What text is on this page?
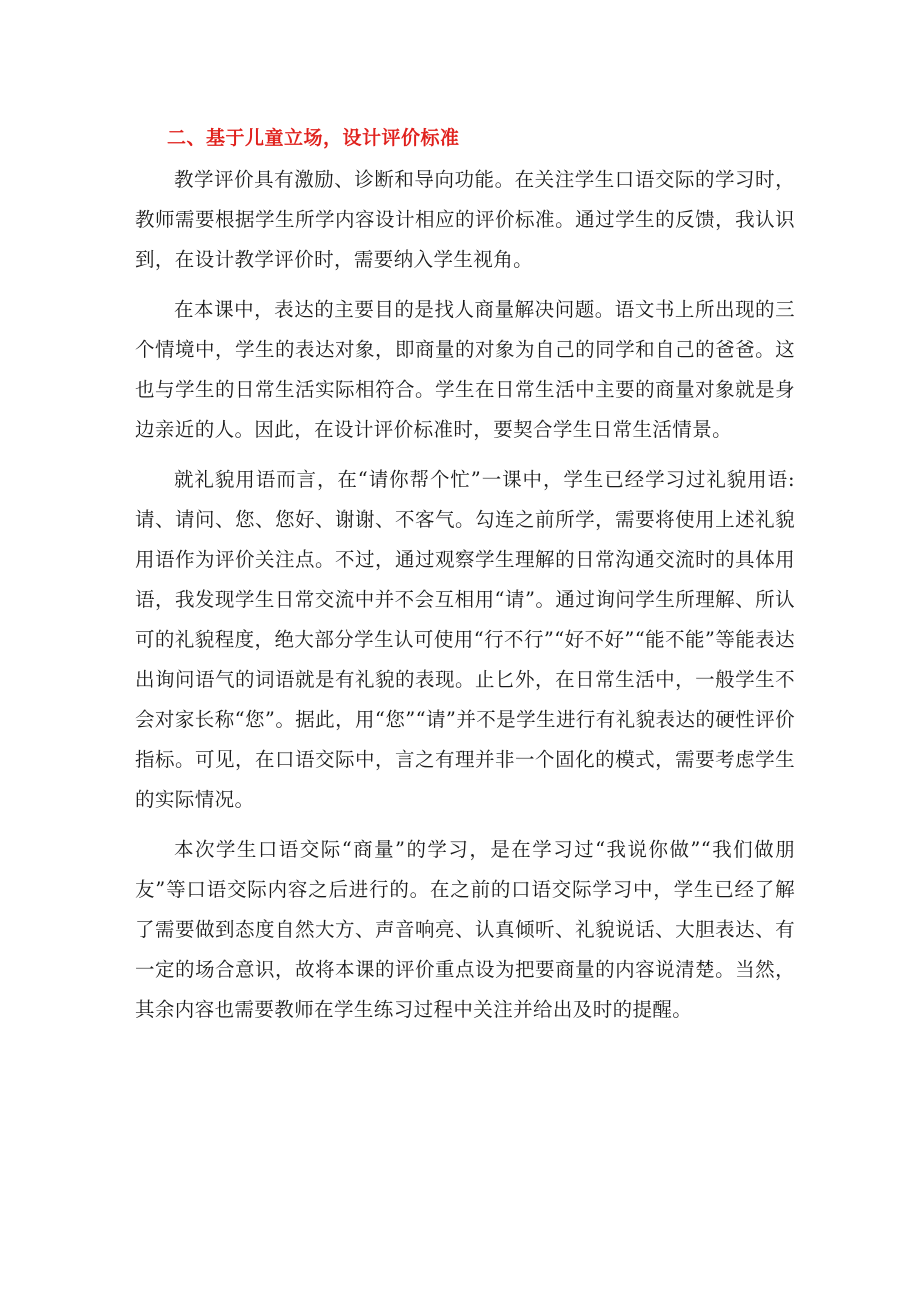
二、基于儿童立场，设计评价标准

教学评价具有激励、诊断和导向功能。在关注学生口语交际的学习时，教师需要根据学生所学内容设计相应的评价标准。通过学生的反馈，我认识到，在设计教学评价时，需要纳入学生视角。

在本课中，表达的主要目的是找人商量解决问题。语文书上所出现的三个情境中，学生的表达对象，即商量的对象为自己的同学和自己的爸爸。这也与学生的日常生活实际相符合。学生在日常生活中主要的商量对象就是身边亲近的人。因此，在设计评价标准时，要契合学生日常生活情景。

就礼貌用语而言，在“请你帮个忙”一课中，学生已经学习过礼貌用语:请、请问、您、您好、谢谢、不客气。勾连之前所学，需要将使用上述礼貌用语作为评价关注点。不过，通过观察学生理解的日常沟通交流时的具体用语，我发现学生日常交流中并不会互相用“请”。通过询问学生所理解、所认可的礼貌程度，绝大部分学生认可使用“行不行”“好不好”“能不能”等能表达出询问语气的词语就是有礼貌的表现。止匕外，在日常生活中，一般学生不会对家长称“您”。据此，用“您”“请”并不是学生进行有礼貌表达的硬性评价指标。可见，在口语交际中，言之有理并非一个固化的模式，需要考虑学生的实际情况。

本次学生口语交际“商量”的学习，是在学习过“我说你做”“我们做朋友”等口语交际内容之后进行的。在之前的口语交际学习中，学生已经了解了需要做到态度自然大方、声音响亮、认真倾听、礼貌说话、大胆表达、有一定的场合意识，故将本课的评价重点设为把要商量的内容说清楚。当然，其余内容也需要教师在学生练习过程中关注并给出及时的提醒。
